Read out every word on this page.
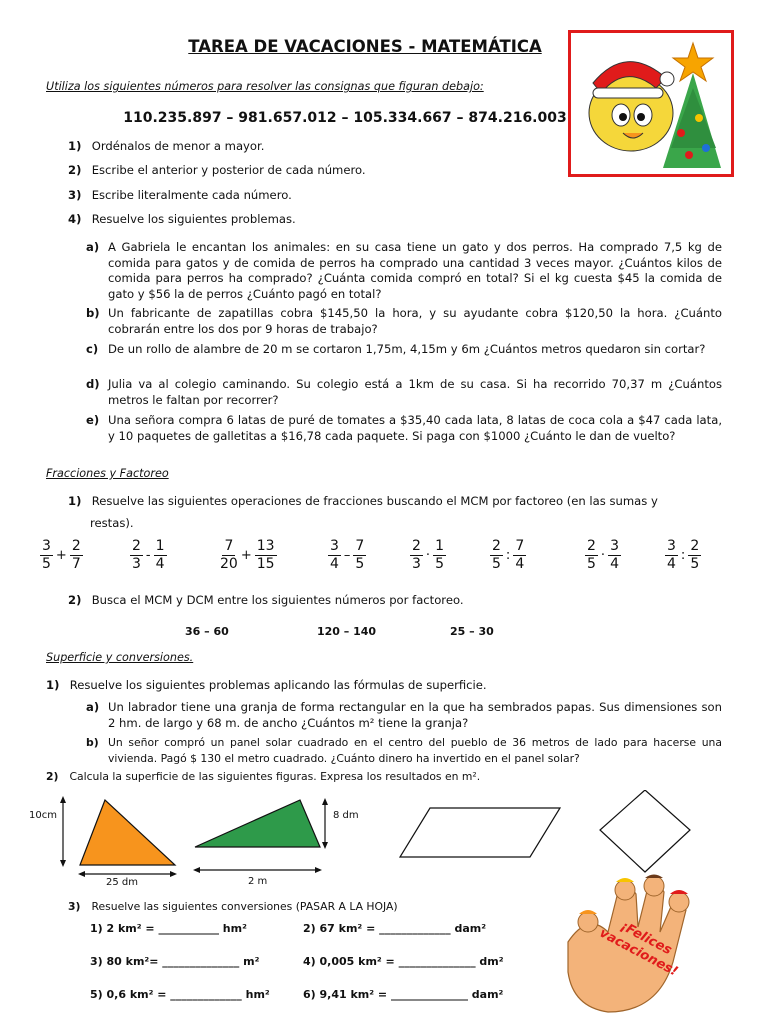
TAREA DE VACACIONES - MATEMÁTICA
Utiliza los siguientes números para resolver las consignas que figuran debajo:
110.235.897 – 981.657.012 – 105.334.667 – 874.216.003
1) Ordénalos de menor a mayor.
2) Escribe el anterior y posterior de cada número.
3) Escribe literalmente cada número.
4) Resuelve los siguientes problemas.
a) A Gabriela le encantan los animales: en su casa tiene un gato y dos perros. Ha comprado 7,5 kg de comida para gatos y de comida de perros ha comprado una cantidad 3 veces mayor. ¿Cuántos kilos de comida para perros ha comprado? ¿Cuánta comida compró en total? Si el kg cuesta $45 la comida de gato y $56 la de perros ¿Cuánto pagó en total?
b) Un fabricante de zapatillas cobra $145,50 la hora, y su ayudante cobra $120,50 la hora. ¿Cuánto cobrarán entre los dos por 9 horas de trabajo?
c) De un rollo de alambre de 20 m se cortaron 1,75m, 4,15m y 6m ¿Cuántos metros quedaron sin cortar?
d) Julia va al colegio caminando. Su colegio está a 1km de su casa. Si ha recorrido 70,37 m ¿Cuántos metros le faltan por recorrer?
e) Una señora compra 6 latas de puré de tomates a $35,40 cada lata, 8 latas de coca cola a $47 cada lata, y 10 paquetes de galletitas a $16,78 cada paquete. Si paga con $1000 ¿Cuánto le dan de vuelto?
Fracciones y Factoreo
1) Resuelve las siguientes operaciones de fracciones buscando el MCM por factoreo (en las sumas y
restas).
$\frac{3}{5} + \frac{2}{7}$	$\frac{2}{3} - \frac{1}{4}$	$\frac{7}{20} + \frac{13}{15}$	$\frac{3}{4} - \frac{7}{5}$	$\frac{2}{3} \cdot \frac{1}{5}$	$\frac{2}{5}$ : $\frac{7}{4}$	$\frac{2}{5} \cdot \frac{3}{4}$	$\frac{3}{4}$ : $\frac{2}{5}$
2) Busca el MCM y DCM entre los siguientes números por factoreo.
36 – 60	120 – 140	25 – 30
Superficie y conversiones.
1) Resuelve los siguientes problemas aplicando las fórmulas de superficie.
a) Un labrador tiene una granja de forma rectangular en la que ha sembrados papas. Sus dimensiones son 2 hm. de largo y 68 m. de ancho ¿Cuántos m² tiene la granja?
b) Un señor compró un panel solar cuadrado en el centro del pueblo de 36 metros de lado para hacerse una vivienda. Pagó $ 130 el metro cuadrado. ¿Cuánto dinero ha invertido en el panel solar?
2) Calcula la superficie de las siguientes figuras. Expresa los resultados en m².
10cm
25 dm
8 dm
2 m
3) Resuelve las siguientes conversiones (PASAR A LA HOJA)
1) 2 km² = ___________ hm²	2) 67 km² = _____________ dam²
3) 80 km²= ______________ m²	4) 0,005 km² = ______________ dm²
5) 0,6 km² = _____________ hm²	6) 9,41 km² = ______________ dam²
¡Felices vacaciones!
